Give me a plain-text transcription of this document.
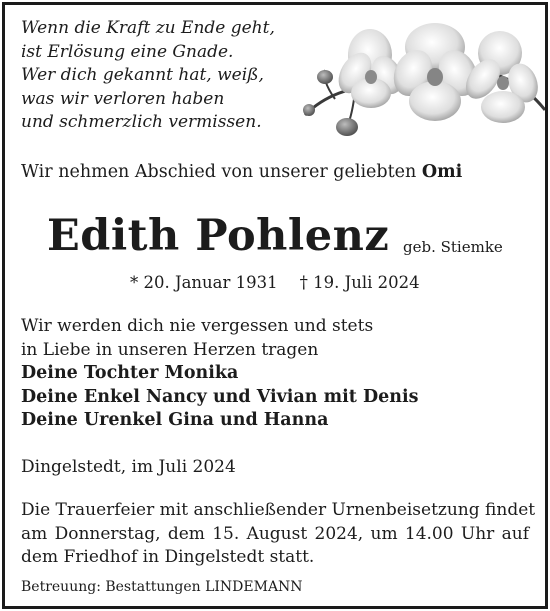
Wenn die Kraft zu Ende geht,
ist Erlösung eine Gnade.
Wer dich gekannt hat, weiß,
was wir verloren haben
und schmerzlich vermissen.
Wir nehmen Abschied von unserer geliebten Omi
Edith Pohlenz geb. Stiemke
* 20. Januar 1931 † 19. Juli 2024
Wir werden dich nie vergessen und stets
in Liebe in unseren Herzen tragen
Deine Tochter Monika
Deine Enkel Nancy und Vivian mit Denis
Deine Urenkel Gina und Hanna
Dingelstedt, im Juli 2024
Die Trauerfeier mit anschließender Urnenbeisetzung findet
am Donnerstag, dem 15. August 2024, um 14.00 Uhr auf
dem Friedhof in Dingelstedt statt.
Betreuung: Bestattungen LINDEMANN
